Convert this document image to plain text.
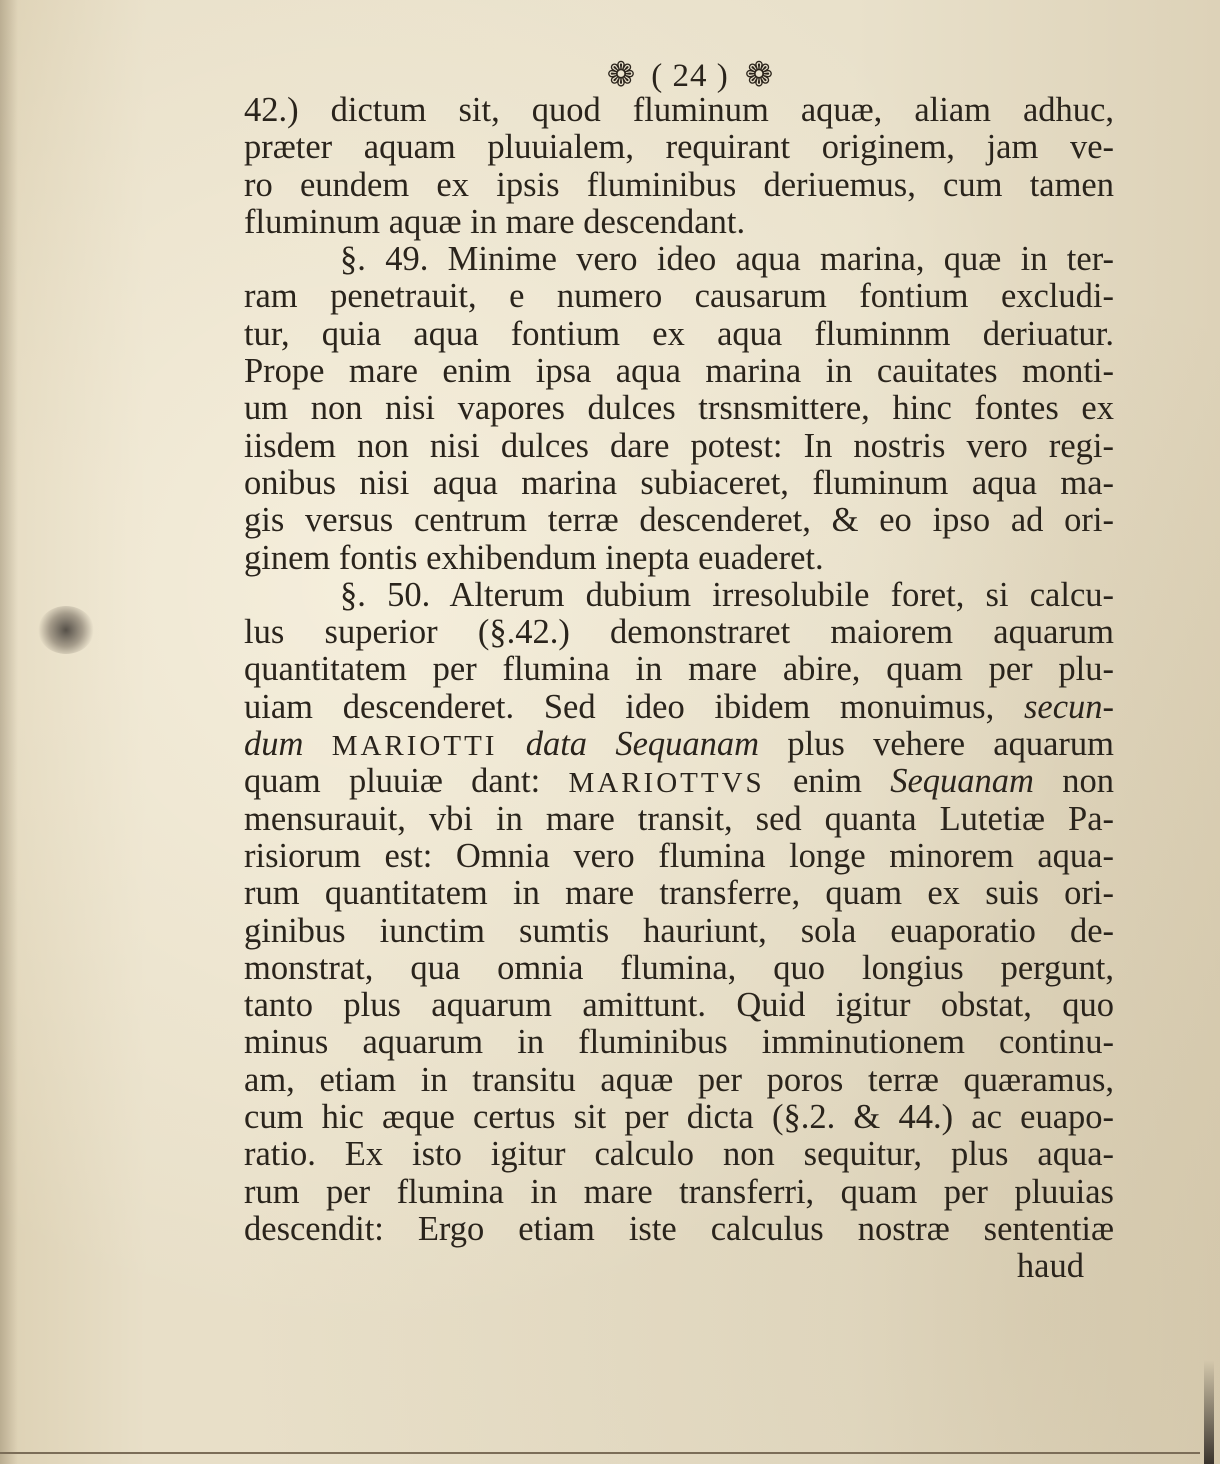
❁ ( 24 ) ❁
42.) dictum sit, quod fluminum aquæ, aliam adhuc,
præter aquam pluuialem, requirant originem, jam ve-
ro eundem ex ipsis fluminibus deriuemus, cum tamen
fluminum aquæ in mare descendant.
§. 49. Minime vero ideo aqua marina, quæ in ter-
ram penetrauit, e numero causarum fontium excludi-
tur, quia aqua fontium ex aqua fluminnm deriuatur.
Prope mare enim ipsa aqua marina in cauitates monti-
um non nisi vapores dulces trsnsmittere, hinc fontes ex
iisdem non nisi dulces dare potest: In nostris vero regi-
onibus nisi aqua marina subiaceret, fluminum aqua ma-
gis versus centrum terræ descenderet, & eo ipso ad ori-
ginem fontis exhibendum inepta euaderet.
§. 50. Alterum dubium irresolubile foret, si calcu-
lus superior (§.42.) demonstraret maiorem aquarum
quantitatem per flumina in mare abire, quam per plu-
uiam descenderet. Sed ideo ibidem monuimus, secun-
dum MARIOTTI data Sequanam plus vehere aquarum
quam pluuiæ dant: MARIOTTVS enim Sequanam non
mensurauit, vbi in mare transit, sed quanta Lutetiæ Pa-
risiorum est: Omnia vero flumina longe minorem aqua-
rum quantitatem in mare transferre, quam ex suis ori-
ginibus iunctim sumtis hauriunt, sola euaporatio de-
monstrat, qua omnia flumina, quo longius pergunt,
tanto plus aquarum amittunt. Quid igitur obstat, quo
minus aquarum in fluminibus imminutionem continu-
am, etiam in transitu aquæ per poros terræ quæramus,
cum hic æque certus sit per dicta (§.2. & 44.) ac euapo-
ratio. Ex isto igitur calculo non sequitur, plus aqua-
rum per flumina in mare transferri, quam per pluuias
descendit: Ergo etiam iste calculus nostræ sententiæ
haud
